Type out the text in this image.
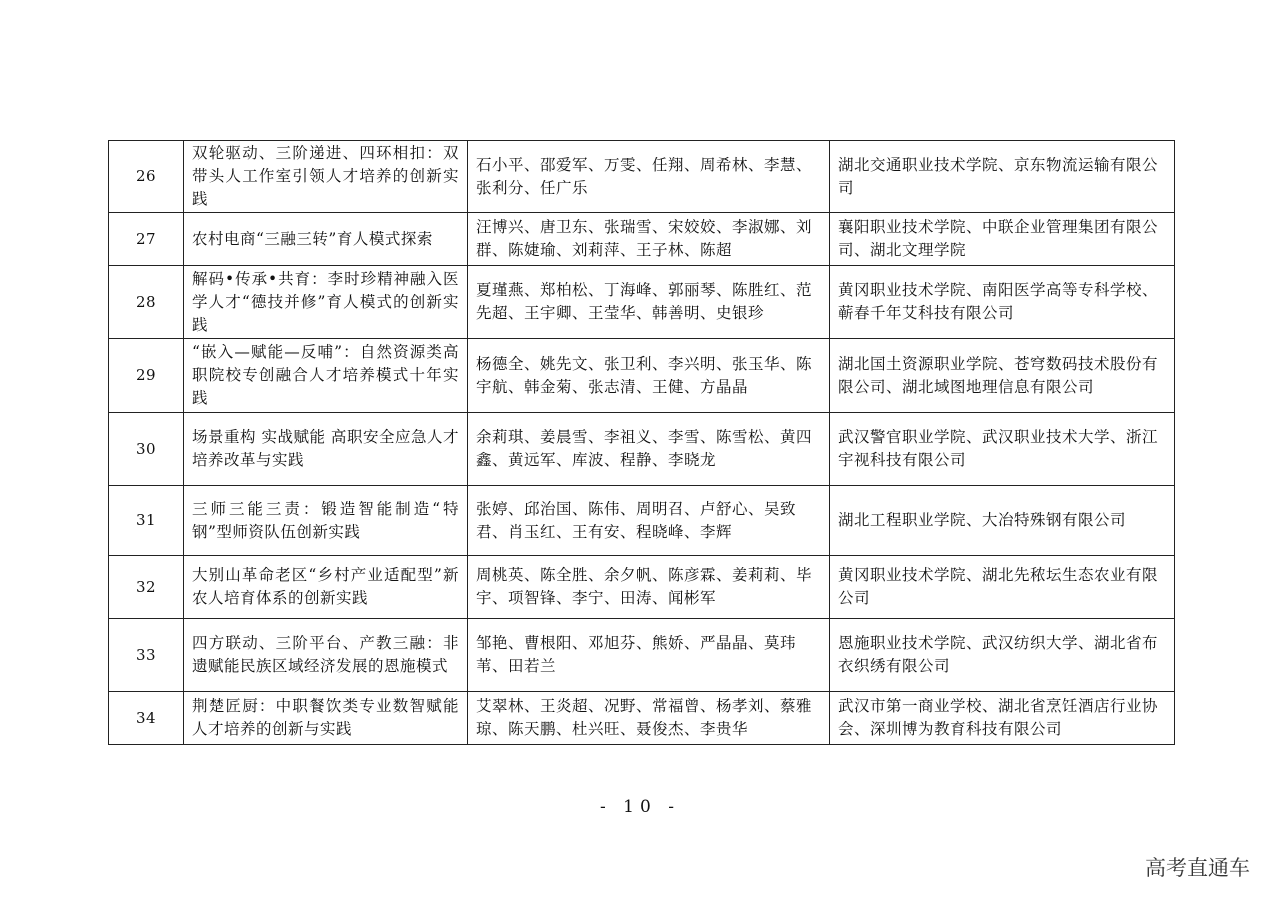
26	双轮驱动、三阶递进、四环相扣：双带头人工作室引领人才培养的创新实践	石小平、邵爱军、万雯、任翔、周希林、李慧、张利分、任广乐	湖北交通职业技术学院、京东物流运输有限公司
27	农村电商“三融三转”育人模式探索	汪博兴、唐卫东、张瑞雪、宋姣姣、李淑娜、刘群、陈婕瑜、刘莉萍、王子林、陈超	襄阳职业技术学院、中联企业管理集团有限公司、湖北文理学院
28	解码•传承•共育：李时珍精神融入医学人才“德技并修”育人模式的创新实践	夏瑾燕、郑柏松、丁海峰、郭丽琴、陈胜红、范先超、王宇卿、王莹华、韩善明、史银珍	黄冈职业技术学院、南阳医学高等专科学校、蕲春千年艾科技有限公司
29	“嵌入—赋能—反哺”：自然资源类高职院校专创融合人才培养模式十年实践	杨德全、姚先文、张卫利、李兴明、张玉华、陈宇航、韩金菊、张志清、王健、方晶晶	湖北国土资源职业学院、苍穹数码技术股份有限公司、湖北域图地理信息有限公司
30	场景重构 实战赋能 高职安全应急人才培养改革与实践	余莉琪、姜晨雪、李祖义、李雪、陈雪松、黄四鑫、黄远军、库波、程静、李晓龙	武汉警官职业学院、武汉职业技术大学、浙江宇视科技有限公司
31	三师三能三责：锻造智能制造“特钢”型师资队伍创新实践	张婷、邱治国、陈伟、周明召、卢舒心、吴致君、肖玉红、王有安、程晓峰、李辉	湖北工程职业学院、大冶特殊钢有限公司
32	大别山革命老区“乡村产业适配型”新农人培育体系的创新实践	周桃英、陈全胜、余夕帆、陈彦霖、姜莉莉、毕宇、项智锋、李宁、田涛、闻彬军	黄冈职业技术学院、湖北先秾坛生态农业有限公司
33	四方联动、三阶平台、产教三融：非遗赋能民族区域经济发展的恩施模式	邹艳、曹根阳、邓旭芬、熊娇、严晶晶、莫玮苇、田若兰	恩施职业技术学院、武汉纺织大学、湖北省布衣织绣有限公司
34	荆楚匠厨：中职餐饮类专业数智赋能人才培养的创新与实践	艾翠林、王炎超、况野、常福曾、杨孝刘、蔡雅琼、陈天鹏、杜兴旺、聂俊杰、李贵华	武汉市第一商业学校、湖北省烹饪酒店行业协会、深圳博为教育科技有限公司
- 10 -
高考直通车
